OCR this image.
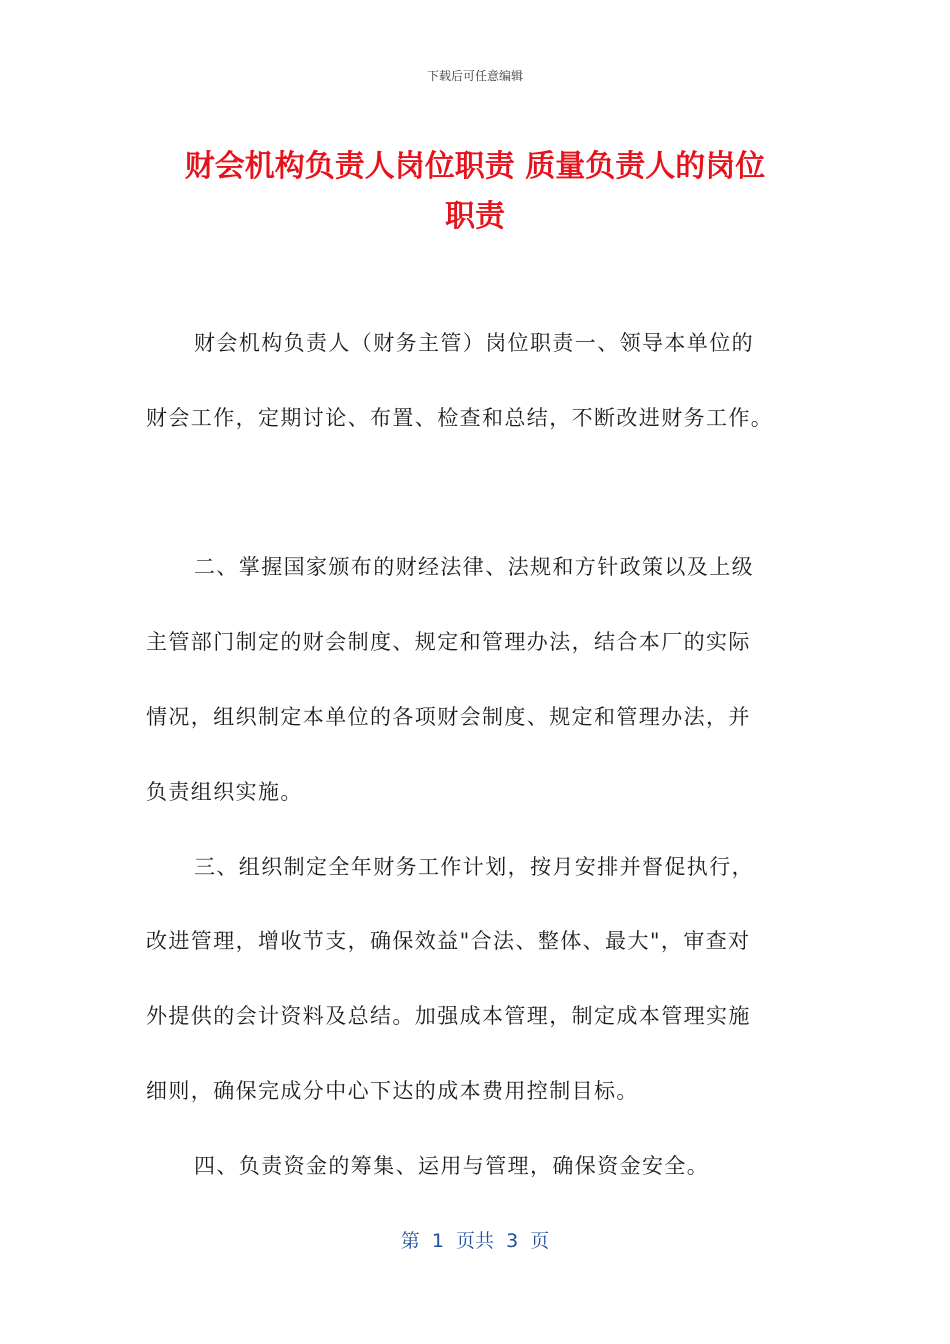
下载后可任意编辑
财会机构负责人岗位职责 质量负责人的岗位
职责
财会机构负责人（财务主管）岗位职责一、领导本单位的
财会工作，定期讨论、布置、检查和总结，不断改进财务工作。
二、掌握国家颁布的财经法律、法规和方针政策以及上级
主管部门制定的财会制度、规定和管理办法，结合本厂的实际
情况，组织制定本单位的各项财会制度、规定和管理办法，并
负责组织实施。
三、组织制定全年财务工作计划，按月安排并督促执行，
改进管理，增收节支，确保效益"合法、整体、最大"，审查对
外提供的会计资料及总结。加强成本管理，制定成本管理实施
细则，确保完成分中心下达的成本费用控制目标。
四、负责资金的筹集、运用与管理，确保资金安全。
第  1  页共  3  页
